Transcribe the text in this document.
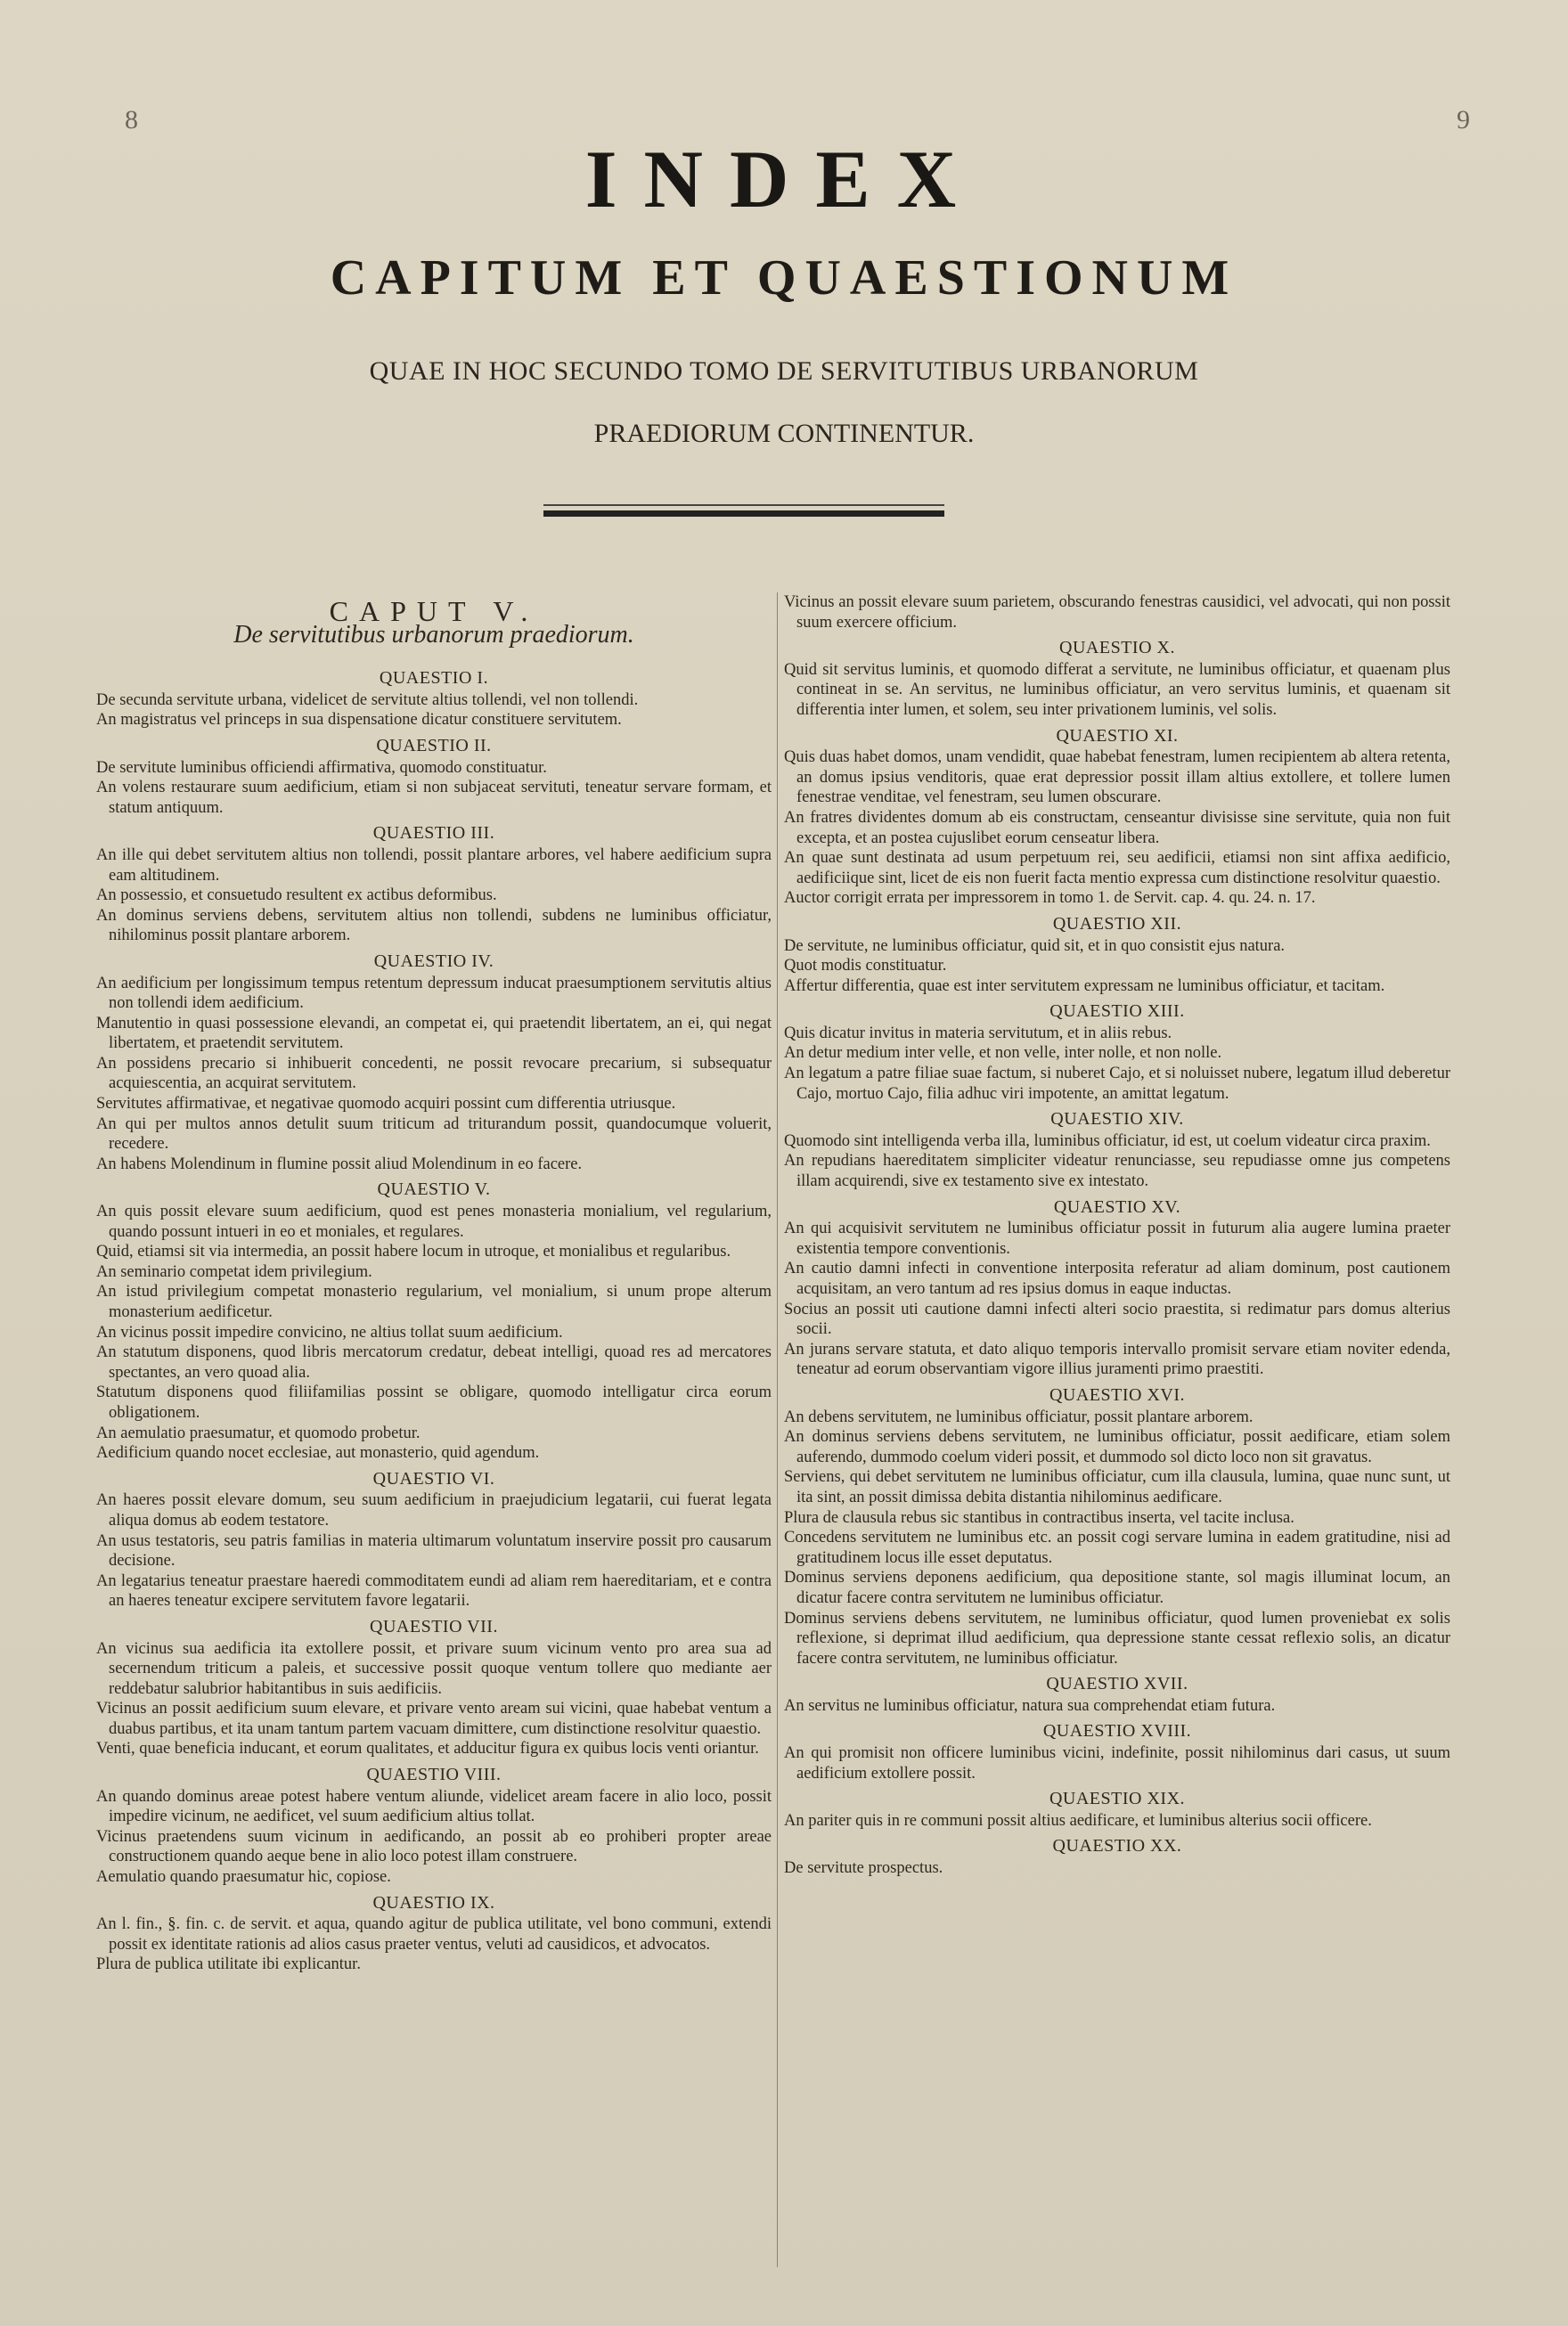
8	9
INDEX
CAPITUM ET QUAESTIONUM
QUAE IN HOC SECUNDO TOMO DE SERVITUTIBUS URBANORUM
PRAEDIORUM CONTINENTUR.
CAPUT V.
De servitutibus urbanorum praediorum.
QUAESTIO I.

De secunda servitute urbana, videlicet de servitute altius tollendi, vel non tollendi.

An magistratus vel princeps in sua dispensatione dicatur constituere servitutem.

QUAESTIO II.

De servitute luminibus officiendi affirmativa, quomodo constituatur.

An volens restaurare suum aedificium, etiam si non subjaceat servituti, teneatur servare formam, et statum antiquum.

QUAESTIO III.

An ille qui debet servitutem altius non tollendi, possit plantare arbores, vel habere aedificium supra eam altitudinem.

An possessio, et consuetudo resultent ex actibus deformibus.

An dominus serviens debens, servitutem altius non tollendi, subdens ne luminibus officiatur, nihilominus possit plantare arborem.

QUAESTIO IV.

An aedificium per longissimum tempus retentum depressum inducat praesumptionem servitutis altius non tollendi idem aedificium.

Manutentio in quasi possessione elevandi, an competat ei, qui praetendit libertatem, an ei, qui negat libertatem, et praetendit servitutem.

An possidens precario si inhibuerit concedenti, ne possit revocare precarium, si subsequatur acquiescentia, an acquirat servitutem.

Servitutes affirmativae, et negativae quomodo acquiri possint cum differentia utriusque.

An qui per multos annos detulit suum triticum ad triturandum possit, quandocumque voluerit, recedere.

An habens Molendinum in flumine possit aliud Molendinum in eo facere.

QUAESTIO V.

An quis possit elevare suum aedificium, quod est penes monasteria monialium, vel regularium, quando possunt intueri in eo et moniales, et regulares.

Quid, etiamsi sit via intermedia, an possit habere locum in utroque, et monialibus et regularibus.

An seminario competat idem privilegium.

An istud privilegium competat monasterio regularium, vel monialium, si unum prope alterum monasterium aedificetur.

An vicinus possit impedire convicino, ne altius tollat suum aedificium.

An statutum disponens, quod libris mercatorum credatur, debeat intelligi, quoad res ad mercatores spectantes, an vero quoad alia.

Statutum disponens quod filiifamilias possint se obligare, quomodo intelligatur circa eorum obligationem.

An aemulatio praesumatur, et quomodo probetur.

Aedificium quando nocet ecclesiae, aut monasterio, quid agendum.

QUAESTIO VI.

An haeres possit elevare domum, seu suum aedificium in praejudicium legatarii, cui fuerat legata aliqua domus ab eodem testatore.

An usus testatoris, seu patris familias in materia ultimarum voluntatum inservire possit pro causarum decisione.

An legatarius teneatur praestare haeredi commoditatem eundi ad aliam rem haereditariam, et e contra an haeres teneatur excipere servitutem favore legatarii.

QUAESTIO VII.

An vicinus sua aedificia ita extollere possit, et privare suum vicinum vento pro area sua ad secernendum triticum a paleis, et successive possit quoque ventum tollere quo mediante aer reddebatur salubrior habitantibus in suis aedificiis.

Vicinus an possit aedificium suum elevare, et privare vento aream sui vicini, quae habebat ventum a duabus partibus, et ita unam tantum partem vacuam dimittere, cum distinctione resolvitur quaestio.

Venti, quae beneficia inducant, et eorum qualitates, et adducitur figura ex quibus locis venti oriantur.

QUAESTIO VIII.

An quando dominus areae potest habere ventum aliunde, videlicet aream facere in alio loco, possit impedire vicinum, ne aedificet, vel suum aedificium altius tollat.

Vicinus praetendens suum vicinum in aedificando, an possit ab eo prohiberi propter areae constructionem quando aeque bene in alio loco potest illam construere.

Aemulatio quando praesumatur hic, copiose.

QUAESTIO IX.

An l. fin., §. fin. c. de servit. et aqua, quando agitur de publica utilitate, vel bono communi, extendi possit ex identitate rationis ad alios casus praeter ventus, veluti ad causidicos, et advocatos.

Plura de publica utilitate ibi explicantur.

Vicinus an possit elevare suum parietem, obscurando fenestras causidici, vel advocati, qui non possit suum exercere officium.

QUAESTIO X.

Quid sit servitus luminis, et quomodo differat a servitute, ne luminibus officiatur, et quaenam plus contineat in se. An servitus, ne luminibus officiatur, an vero servitus luminis, et quaenam sit differentia inter lumen, et solem, seu inter privationem luminis, vel solis.

QUAESTIO XI.

Quis duas habet domos, unam vendidit, quae habebat fenestram, lumen recipientem ab altera retenta, an domus ipsius venditoris, quae erat depressior possit illam altius extollere, et tollere lumen fenestrae venditae, vel fenestram, seu lumen obscurare.

An fratres dividentes domum ab eis constructam, censeantur divisisse sine servitute, quia non fuit excepta, et an postea cujuslibet eorum censeatur libera.

An quae sunt destinata ad usum perpetuum rei, seu aedificii, etiamsi non sint affixa aedificio, aedificiique sint, licet de eis non fuerit facta mentio expressa cum distinctione resolvitur quaestio.

Auctor corrigit errata per impressorem in tomo 1. de Servit. cap. 4. qu. 24. n. 17.

QUAESTIO XII.

De servitute, ne luminibus officiatur, quid sit, et in quo consistit ejus natura.

Quot modis constituatur.

Affertur differentia, quae est inter servitutem expressam ne luminibus officiatur, et tacitam.

QUAESTIO XIII.

Quis dicatur invitus in materia servitutum, et in aliis rebus.

An detur medium inter velle, et non velle, inter nolle, et non nolle.

An legatum a patre filiae suae factum, si nuberet Cajo, et si noluisset nubere, legatum illud deberetur Cajo, mortuo Cajo, filia adhuc viri impotente, an amittat legatum.

QUAESTIO XIV.

Quomodo sint intelligenda verba illa, luminibus officiatur, id est, ut coelum videatur circa praxim.

An repudians haereditatem simpliciter videatur renunciasse, seu repudiasse omne jus competens illam acquirendi, sive ex testamento sive ex intestato.

QUAESTIO XV.

An qui acquisivit servitutem ne luminibus officiatur possit in futurum alia augere lumina praeter existentia tempore conventionis.

An cautio damni infecti in conventione interposita referatur ad aliam dominum, post cautionem acquisitam, an vero tantum ad res ipsius domus in eaque inductas.

Socius an possit uti cautione damni infecti alteri socio praestita, si redimatur pars domus alterius socii.

An jurans servare statuta, et dato aliquo temporis intervallo promisit servare etiam noviter edenda, teneatur ad eorum observantiam vigore illius juramenti primo praestiti.

QUAESTIO XVI.

An debens servitutem, ne luminibus officiatur, possit plantare arborem.

An dominus serviens debens servitutem, ne luminibus officiatur, possit aedificare, etiam solem auferendo, dummodo coelum videri possit, et dummodo sol dicto loco non sit gravatus.

Serviens, qui debet servitutem ne luminibus officiatur, cum illa clausula, lumina, quae nunc sunt, ut ita sint, an possit dimissa debita distantia nihilominus aedificare.

Plura de clausula rebus sic stantibus in contractibus inserta, vel tacite inclusa.

Concedens servitutem ne luminibus etc. an possit cogi servare lumina in eadem gratitudine, nisi ad gratitudinem locus ille esset deputatus.

Dominus serviens deponens aedificium, qua depositione stante, sol magis illuminat locum, an dicatur facere contra servitutem ne luminibus officiatur.

Dominus serviens debens servitutem, ne luminibus officiatur, quod lumen proveniebat ex solis reflexione, si deprimat illud aedificium, qua depressione stante cessat reflexio solis, an dicatur facere contra servitutem, ne luminibus officiatur.

QUAESTIO XVII.

An servitus ne luminibus officiatur, natura sua comprehendat etiam futura.

QUAESTIO XVIII.

An qui promisit non officere luminibus vicini, indefinite, possit nihilominus dari casus, ut suum aedificium extollere possit.

QUAESTIO XIX.

An pariter quis in re communi possit altius aedificare, et luminibus alterius socii officere.

QUAESTIO XX.

De servitute prospectus.
